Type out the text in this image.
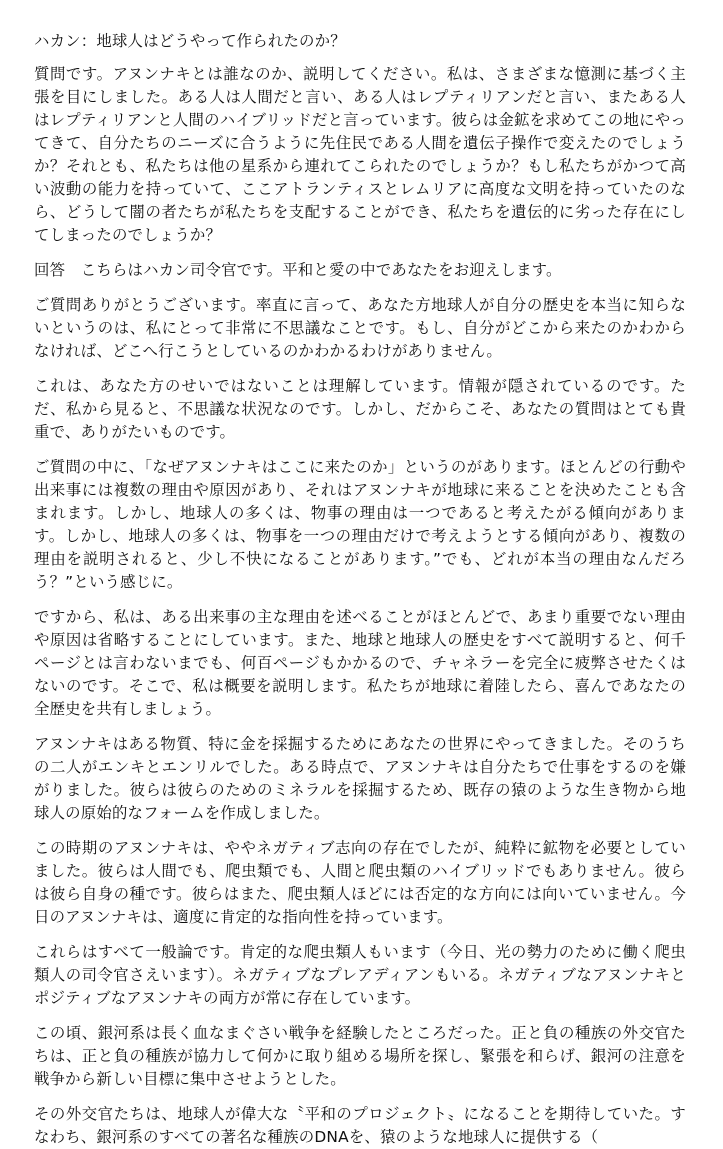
ハカン：地球人はどうやって作られたのか？

質問です。アヌンナキとは誰なのか、説明してください。私は、さまざまな憶測に基づく主張を目にしました。ある人は人間だと言い、ある人はレプティリアンだと言い、またある人はレプティリアンと人間のハイブリッドだと言っています。彼らは金鉱を求めてこの地にやってきて、自分たちのニーズに合うように先住民である人間を遺伝子操作で変えたのでしょうか？それとも、私たちは他の星系から連れてこられたのでしょうか？もし私たちがかつて高い波動の能力を持っていて、ここアトランティスとレムリアに高度な文明を持っていたのなら、どうして闇の者たちが私たちを支配することができ、私たちを遺伝的に劣った存在にしてしまったのでしょうか？

回答　こちらはハカン司令官です。平和と愛の中であなたをお迎えします。

ご質問ありがとうございます。率直に言って、あなた方地球人が自分の歴史を本当に知らないというのは、私にとって非常に不思議なことです。もし、自分がどこから来たのかわからなければ、どこへ行こうとしているのかわかるわけがありません。

これは、あなた方のせいではないことは理解しています。情報が隠されているのです。ただ、私から見ると、不思議な状況なのです。しかし、だからこそ、あなたの質問はとても貴重で、ありがたいものです。

ご質問の中に、「なぜアヌンナキはここに来たのか」というのがあります。ほとんどの行動や出来事には複数の理由や原因があり、それはアヌンナキが地球に来ることを決めたことも含まれます。しかし、地球人の多くは、物事の理由は一つであると考えたがる傾向があります。しかし、地球人の多くは、物事を一つの理由だけで考えようとする傾向があり、複数の理由を説明されると、少し不快になることがあります。”でも、どれが本当の理由なんだろう？”という感じに。

ですから、私は、ある出来事の主な理由を述べることがほとんどで、あまり重要でない理由や原因は省略することにしています。また、地球と地球人の歴史をすべて説明すると、何千ページとは言わないまでも、何百ページもかかるので、チャネラーを完全に疲弊させたくはないのです。そこで、私は概要を説明します。私たちが地球に着陸したら、喜んであなたの全歴史を共有しましょう。

アヌンナキはある物質、特に金を採掘するためにあなたの世界にやってきました。そのうちの二人がエンキとエンリルでした。ある時点で、アヌンナキは自分たちで仕事をするのを嫌がりました。彼らは彼らのためのミネラルを採掘するため、既存の猿のような生き物から地球人の原始的なフォームを作成しました。

この時期のアヌンナキは、ややネガティブ志向の存在でしたが、純粋に鉱物を必要としていました。彼らは人間でも、爬虫類でも、人間と爬虫類のハイブリッドでもありません。彼らは彼ら自身の種です。彼らはまた、爬虫類人ほどには否定的な方向には向いていません。今日のアヌンナキは、適度に肯定的な指向性を持っています。

これらはすべて一般論です。肯定的な爬虫類人もいます（今日、光の勢力のために働く爬虫類人の司令官さえいます）。ネガティブなプレアディアンもいる。ネガティブなアヌンナキとポジティブなアヌンナキの両方が常に存在しています。

この頃、銀河系は長く血なまぐさい戦争を経験したところだった。正と負の種族の外交官たちは、正と負の種族が協力して何かに取り組める場所を探し、緊張を和らげ、銀河の注意を戦争から新しい目標に集中させようとした。

その外交官たちは、地球人が偉大な〝平和のプロジェクト〟になることを期待していた。すなわち、銀河系のすべての著名な種族のDNAを、猿のような地球人に提供する（
